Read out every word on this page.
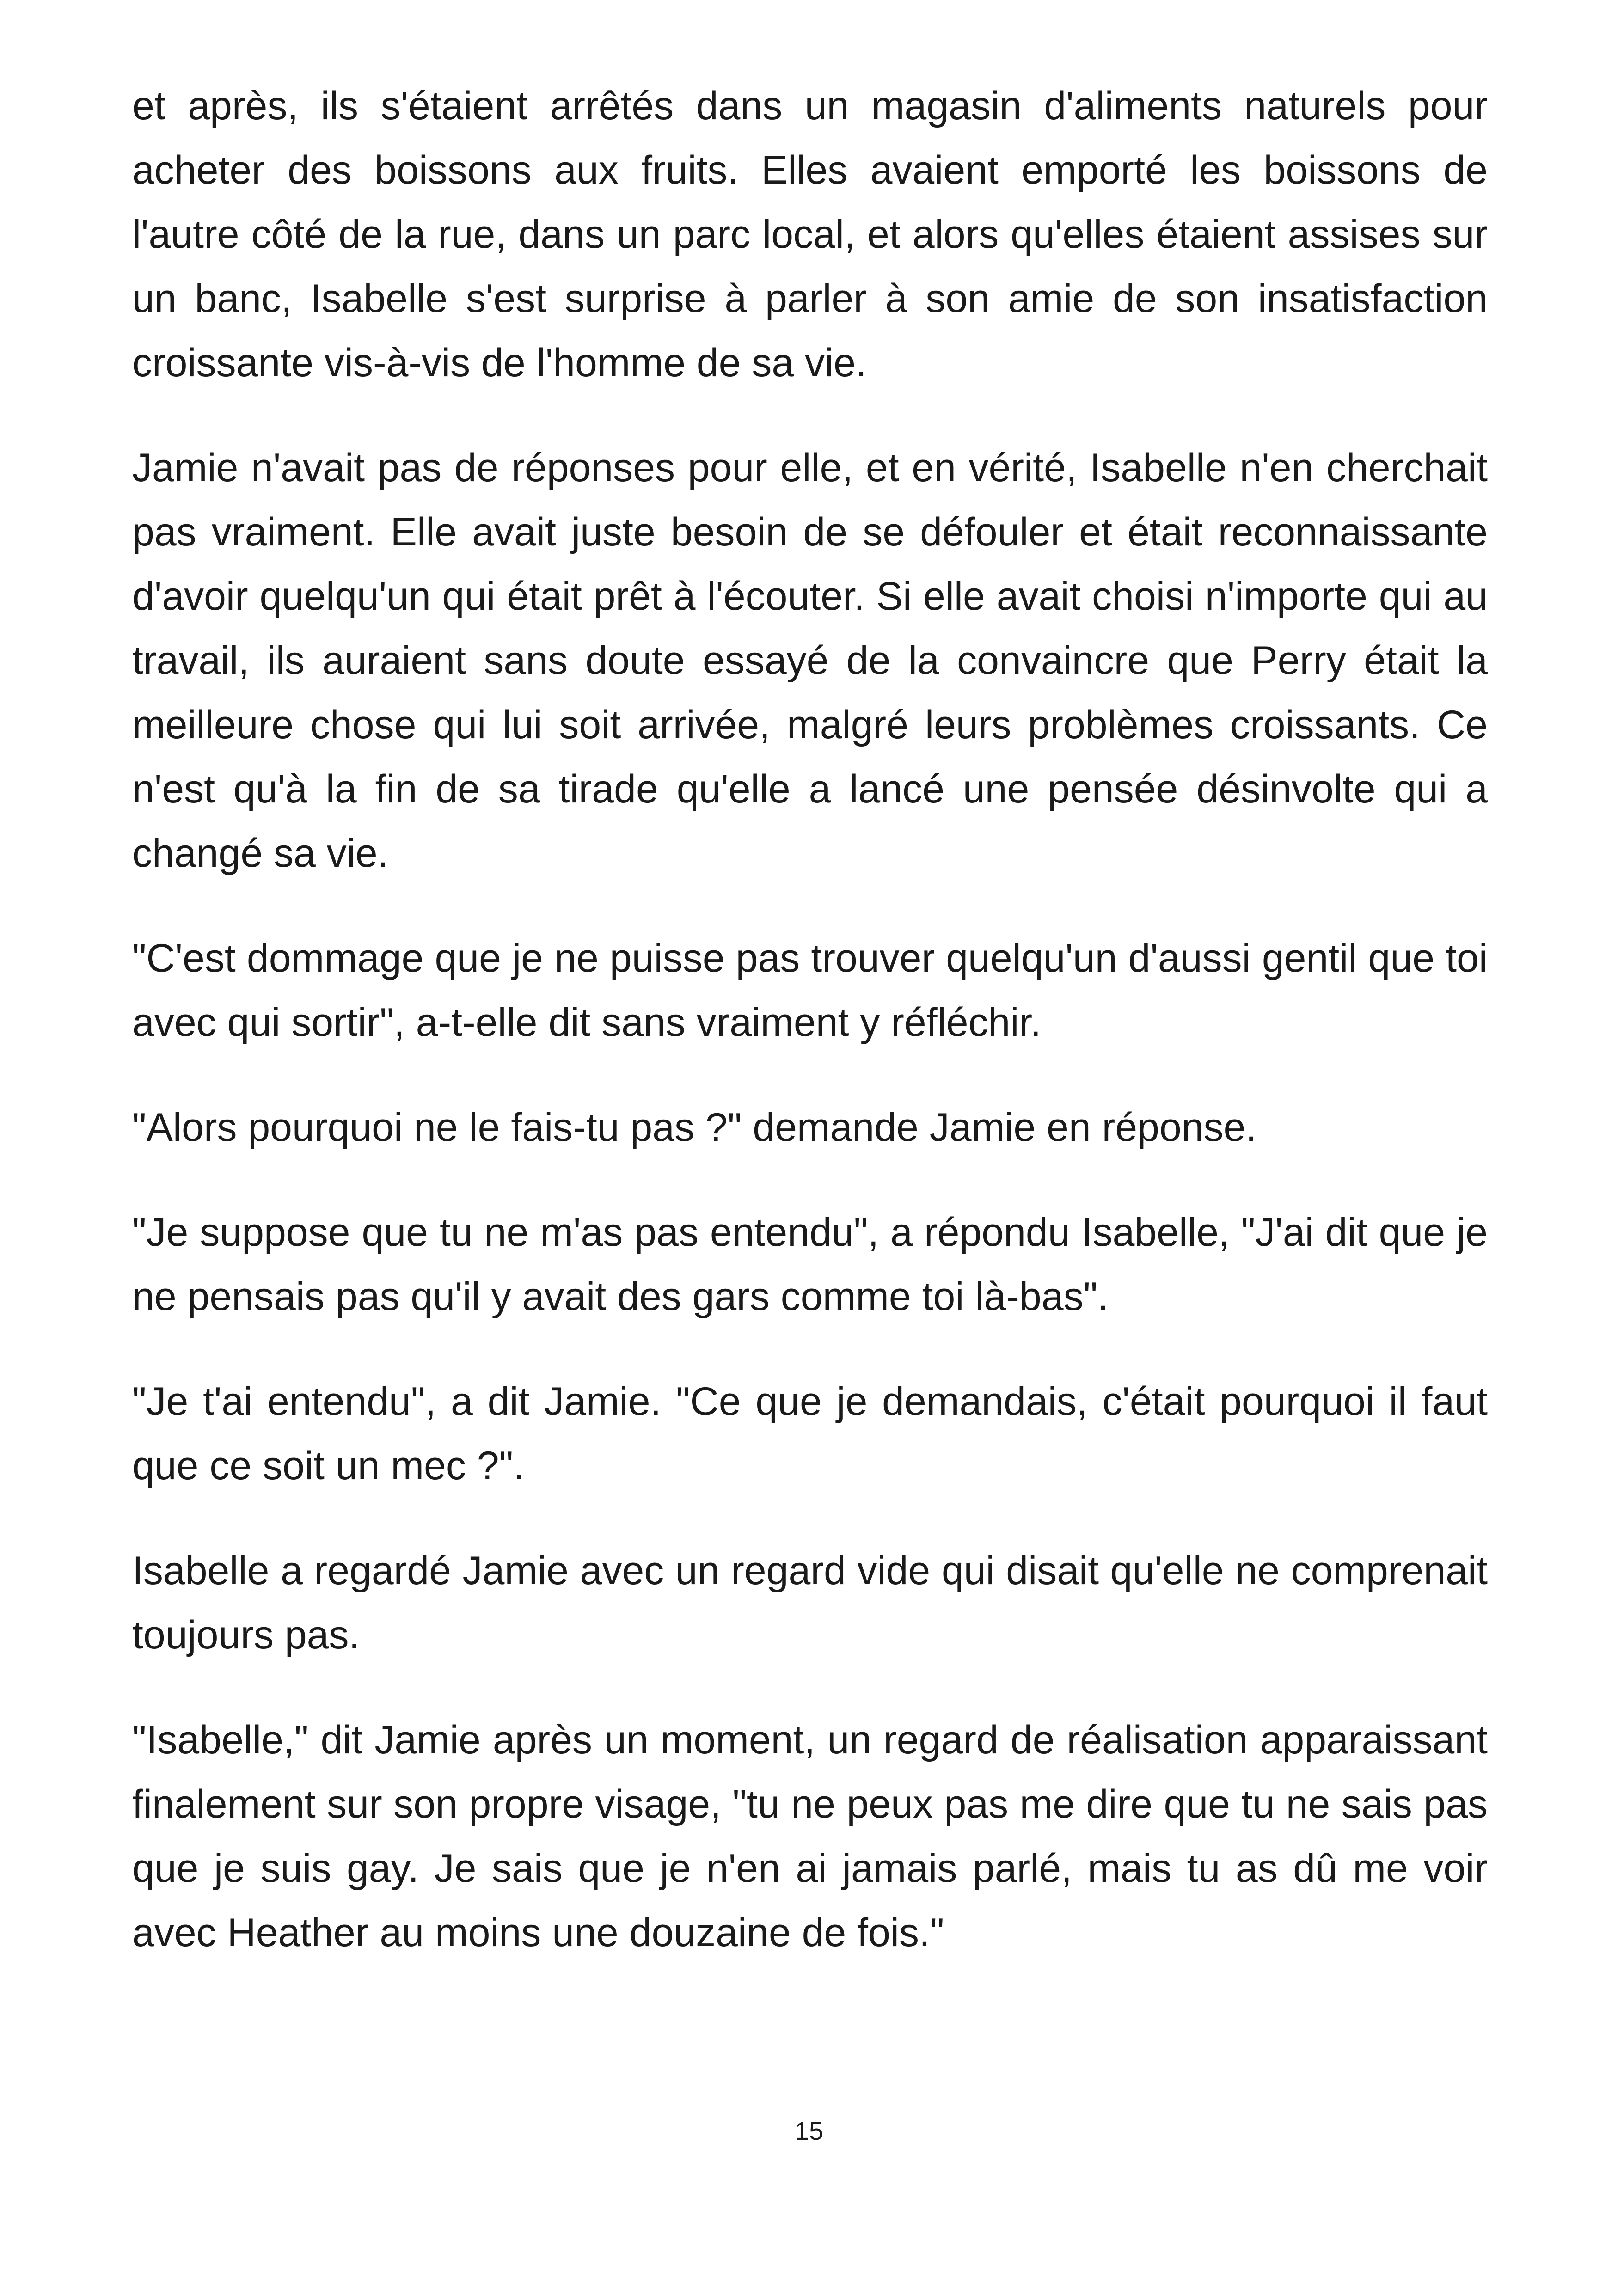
et après, ils s'étaient arrêtés dans un magasin d'aliments naturels pour acheter des boissons aux fruits. Elles avaient emporté les boissons de l'autre côté de la rue, dans un parc local, et alors qu'elles étaient assises sur un banc, Isabelle s'est surprise à parler à son amie de son insatisfaction croissante vis-à-vis de l'homme de sa vie.

Jamie n'avait pas de réponses pour elle, et en vérité, Isabelle n'en cherchait pas vraiment. Elle avait juste besoin de se défouler et était reconnaissante d'avoir quelqu'un qui était prêt à l'écouter. Si elle avait choisi n'importe qui au travail, ils auraient sans doute essayé de la convaincre que Perry était la meilleure chose qui lui soit arrivée, malgré leurs problèmes croissants. Ce n'est qu'à la fin de sa tirade qu'elle a lancé une pensée désinvolte qui a changé sa vie.

"C'est dommage que je ne puisse pas trouver quelqu'un d'aussi gentil que toi avec qui sortir", a-t-elle dit sans vraiment y réfléchir.

"Alors pourquoi ne le fais-tu pas ?" demande Jamie en réponse.

"Je suppose que tu ne m'as pas entendu", a répondu Isabelle, "J'ai dit que je ne pensais pas qu'il y avait des gars comme toi là-bas".

"Je t'ai entendu", a dit Jamie. "Ce que je demandais, c'était pourquoi il faut que ce soit un mec ?".

Isabelle a regardé Jamie avec un regard vide qui disait qu'elle ne comprenait toujours pas.

"Isabelle," dit Jamie après un moment, un regard de réalisation apparaissant finalement sur son propre visage, "tu ne peux pas me dire que tu ne sais pas que je suis gay. Je sais que je n'en ai jamais parlé, mais tu as dû me voir avec Heather au moins une douzaine de fois."

15
